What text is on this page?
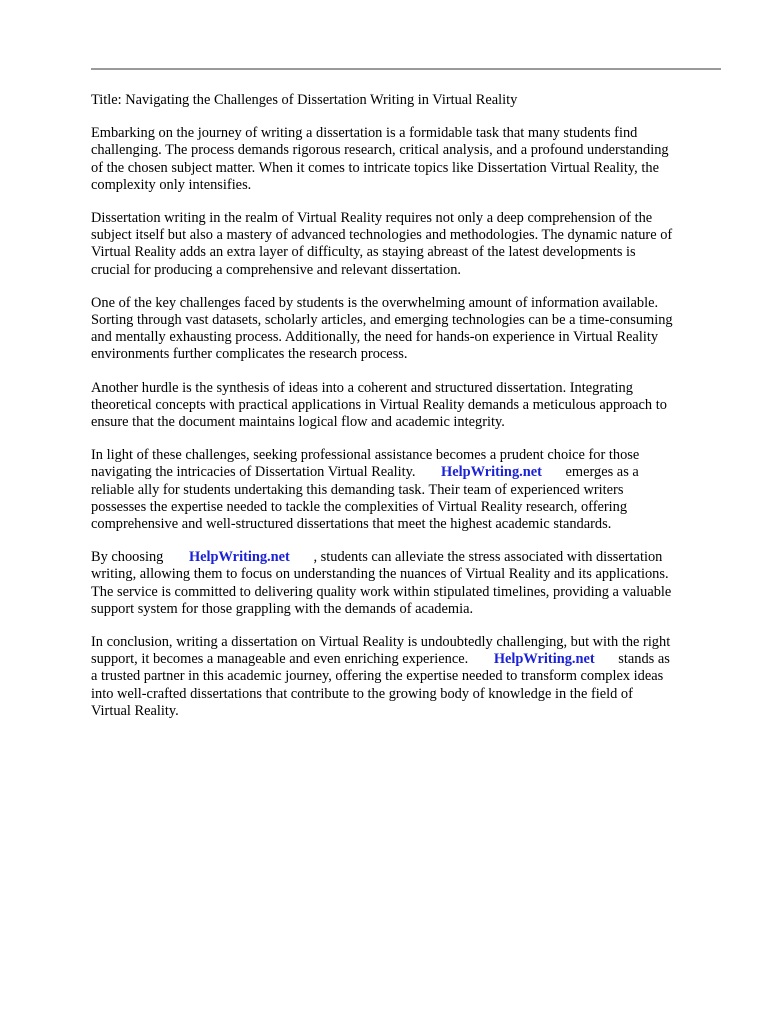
Title: Navigating the Challenges of Dissertation Writing in Virtual Reality

Embarking on the journey of writing a dissertation is a formidable task that many students find
challenging. The process demands rigorous research, critical analysis, and a profound understanding
of the chosen subject matter. When it comes to intricate topics like Dissertation Virtual Reality, the
complexity only intensifies.

Dissertation writing in the realm of Virtual Reality requires not only a deep comprehension of the
subject itself but also a mastery of advanced technologies and methodologies. The dynamic nature of
Virtual Reality adds an extra layer of difficulty, as staying abreast of the latest developments is
crucial for producing a comprehensive and relevant dissertation.

One of the key challenges faced by students is the overwhelming amount of information available.
Sorting through vast datasets, scholarly articles, and emerging technologies can be a time-consuming
and mentally exhausting process. Additionally, the need for hands-on experience in Virtual Reality
environments further complicates the research process.

Another hurdle is the synthesis of ideas into a coherent and structured dissertation. Integrating
theoretical concepts with practical applications in Virtual Reality demands a meticulous approach to
ensure that the document maintains logical flow and academic integrity.

In light of these challenges, seeking professional assistance becomes a prudent choice for those
navigating the intricacies of Dissertation Virtual Reality. HelpWriting.net emerges as a
reliable ally for students undertaking this demanding task. Their team of experienced writers
possesses the expertise needed to tackle the complexities of Virtual Reality research, offering
comprehensive and well-structured dissertations that meet the highest academic standards.

By choosing HelpWriting.net , students can alleviate the stress associated with dissertation
writing, allowing them to focus on understanding the nuances of Virtual Reality and its applications.
The service is committed to delivering quality work within stipulated timelines, providing a valuable
support system for those grappling with the demands of academia.

In conclusion, writing a dissertation on Virtual Reality is undoubtedly challenging, but with the right
support, it becomes a manageable and even enriching experience. HelpWriting.net stands as
a trusted partner in this academic journey, offering the expertise needed to transform complex ideas
into well-crafted dissertations that contribute to the growing body of knowledge in the field of
Virtual Reality.
